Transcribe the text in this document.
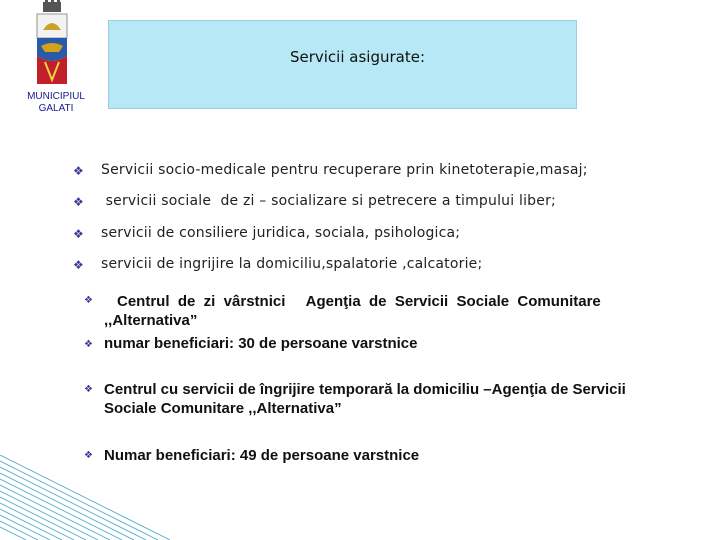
MUNICIPIUL
GALATI
Servicii asigurate:
❖ Servicii socio-medicale pentru recuperare prin kinetoterapie,masaj;
❖ servicii sociale  de zi – socializare si petrecere a timpului liber;
❖ servicii de consiliere juridica, sociala, psihologica;
❖ servicii de ingrijire la domiciliu,spalatorie ,calcatorie;
❖ Centrul  de  zi  vârstnici     Agenţia  de  Servicii  Sociale  Comunitare
,,Alternativa”
❖ numar beneficiari: 30 de persoane varstnice
❖ Centrul cu servicii de îngrijire temporară la domiciliu –Agenţia de Servicii
Sociale Comunitare ,,Alternativa”
❖ Numar beneficiari: 49 de persoane varstnice
